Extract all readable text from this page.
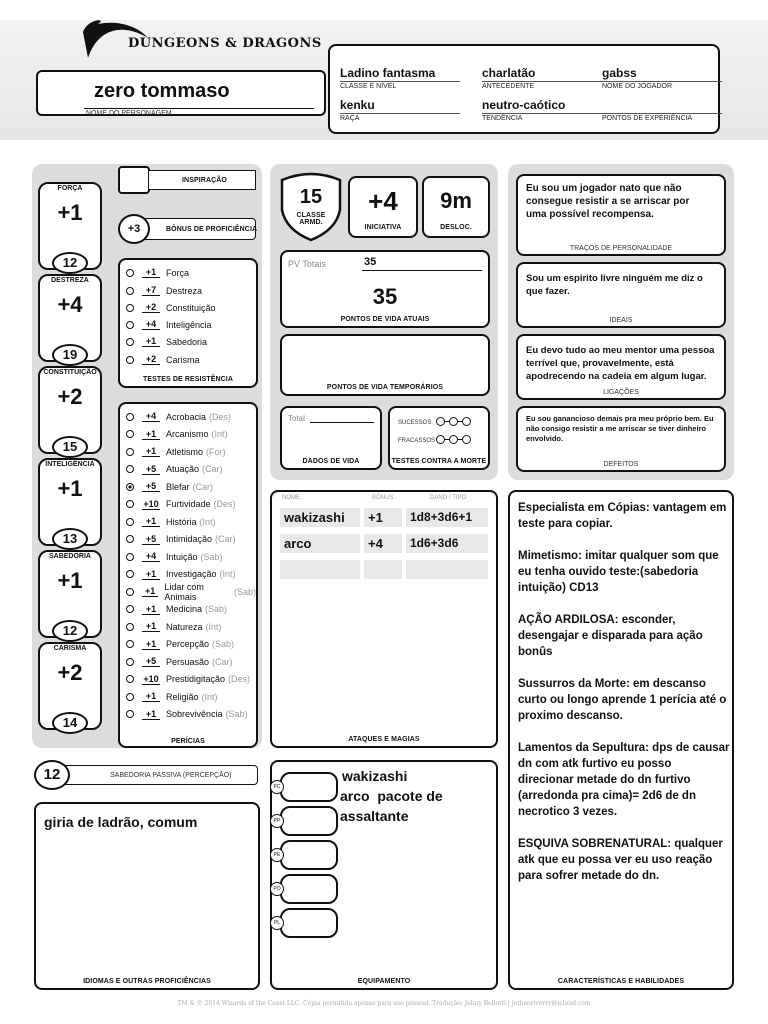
DUNGEONS & DRAGONS
zero tommaso
NOME DO PERSONAGEM
Ladino fantasma
CLASSE E NÍVEL
charlatão
ANTECEDENTE
gabss
NOME DO JOGADOR
kenku
RAÇA
neutro-caótico
TENDÊNCIA	PONTOS DE EXPERIÊNCIA
FORÇA
+1
12
DESTREZA
+4
19
CONSTITUIÇÃO
+2
15
INTELIGÊNCIA
+1
13
SABEDORIA
+1
12
CARISMA
+2
14
INSPIRAÇÃO
+3	BÔNUS DE PROFICIÊNCIA
+1	Força
+7	Destreza
+2	Constituição
+4	Inteligência
+1	Sabedoria
+2	Carisma
TESTES DE RESISTÊNCIA
PERÍCIAS
+4	Acrobacia (Des)
+1	Arcanismo (Int)
+1	Atletismo (For)
+5	Atuação (Car)
+5	Blefar (Car)
+10 Furtividade (Des)
+1	História (Int)
+5	Intimidação (Car)
+4	Intuição (Sab)
+1	Investigação (Int)
+1	Lidar com Animais	(Sab)
+1	Medicina (Sab)
+1	Natureza (Int)
+1	Percepção (Sab)
+5	Persuasão (Car)
+10 Prestidigitação (Des)
+1	Religião (Int)
+1	Sobrevivência (Sab)
12	SABEDORIA PASSIVA (PERCEPÇÃO)
giria de ladrão, comum
IDIOMAS E OUTRAS PROFICIÊNCIAS
15
CLASSE ARMD.
+4
INICIATIVA
9m
DESLOC.
PV Totais	35
35
PONTOS DE VIDA ATUAIS
PONTOS DE VIDA TEMPORÁRIOS
Total
DADOS DE VIDA
SUCESSOS
FRACASSOS
TESTES CONTRA A MORTE
NOME	BÔNUS	DANO / TIPO
wakizashi	+1	1d8+3d6+1
arco	+4	1d6+3d6
ATAQUES E MAGIAS
EQUIPAMENTO
PC
PP
PE
PO
PL
wakizashi
arco  pacote de
assaltante
Eu sou um jogador nato que não consegue resistir a se arriscar por uma possível recompensa.
TRAÇOS DE PERSONALIDADE
Sou um espirito livre ninguém me diz o que fazer.
IDEAIS
Eu devo tudo ao meu mentor uma pessoa terrível que, provavelmente, está apodrecendo na cadeia em algum lugar.
LIGAÇÕES
Eu sou ganancioso demais pra meu próprio bem. Eu não consigo resistir a me arriscar se tiver dinheiro envolvido.
DEFEITOS

Especialista em Cópias: vantagem em teste para copiar.

Mimetismo: imitar qualquer som que eu tenha ouvido teste:(sabedoria intuição) CD13

AÇÃO ARDILOSA: esconder, desengajar e disparada para ação bonûs

Sussurros da Morte: em descanso curto ou longo aprende 1 perícia até o proximo descanso.

Lamentos da Sepultura: dps de causar dn com atk furtivo eu posso direcionar metade do dn furtivo (arredonda pra cima)= 2d6 de dn necrotico 3 vezes.

ESQUIVA SOBRENATURAL: qualquer atk que eu possa ver eu uso reação para sofrer metade do dn.

CARACTERÍSTICAS E HABILIDADES
TM & © 2014 Wizards of the Coast LLC. Cópia permitida apenas para uso pessoal. Tradução: Johny Bellotti | jotheoriverry@icloud.com
